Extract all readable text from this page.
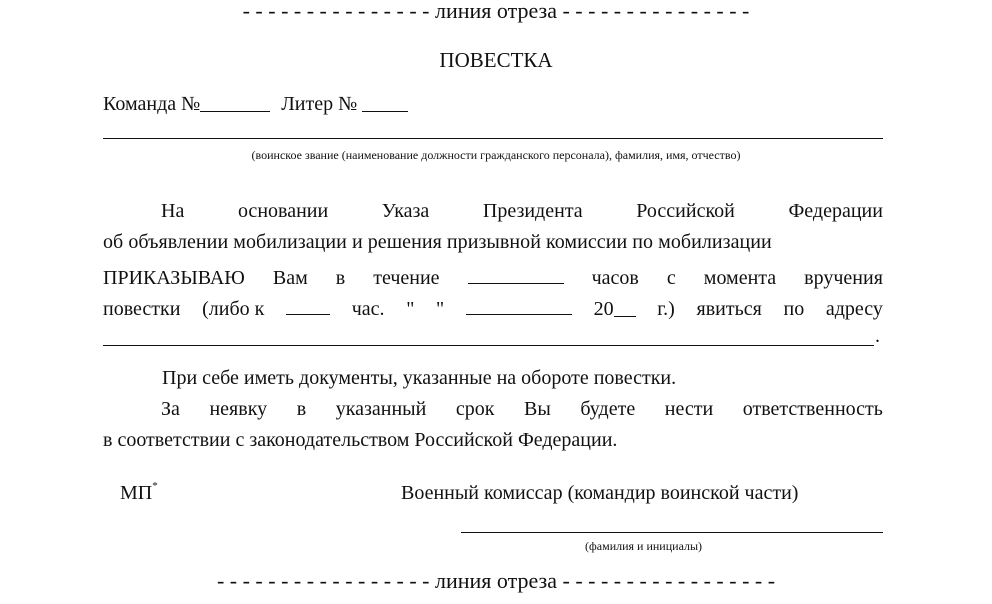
- - - - - - - - - - - - - - - линия отреза - - - - - - - - - - - - - - -
ПОВЕСТКА
Команда №	Литер №
(воинское звание (наименование должности гражданского персонала), фамилия, имя, отчество)
На	основании	Указа	Президента	Российской	Федерации
об объявлении мобилизации и решения призывной комиссии по мобилизации
ПРИКАЗЫВАЮ Вам в течение	часов с момента вручения
повестки (либо к	час. " "	20	г.) явиться по адресу
.
При себе иметь документы, указанные на обороте повестки.
За неявку в указанный срок Вы будете нести ответственность
в соответствии с законодательством Российской Федерации.
МП*	Военный комиссар (командир воинской части)
(фамилия и инициалы)
- - - - - - - - - - - - - - - - - линия отреза - - - - - - - - - - - - - - - - -
